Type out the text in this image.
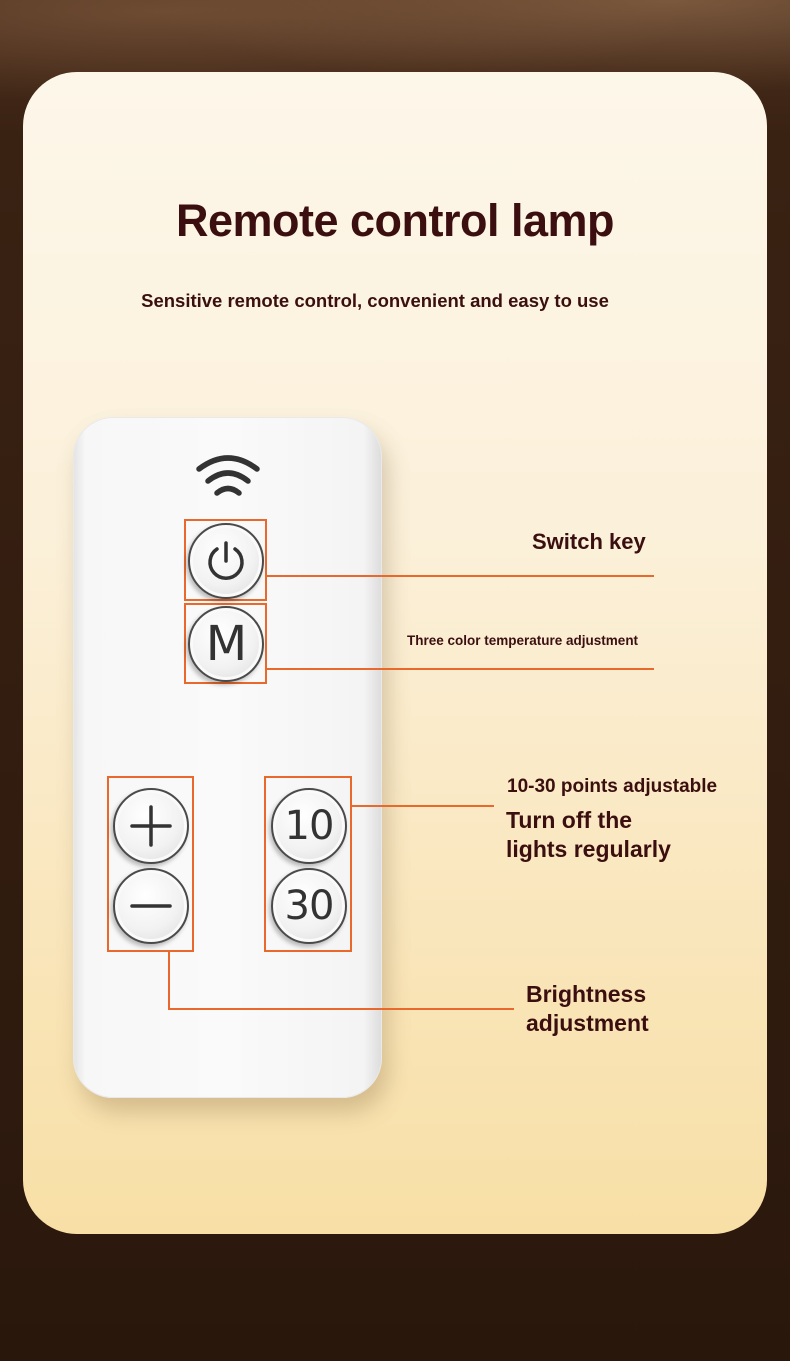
Remote control lamp
Sensitive remote control, convenient and easy to use
M
10
30
Switch key
Three color temperature adjustment
10-30 points adjustable
Turn off the
lights regularly
Brightness
adjustment
